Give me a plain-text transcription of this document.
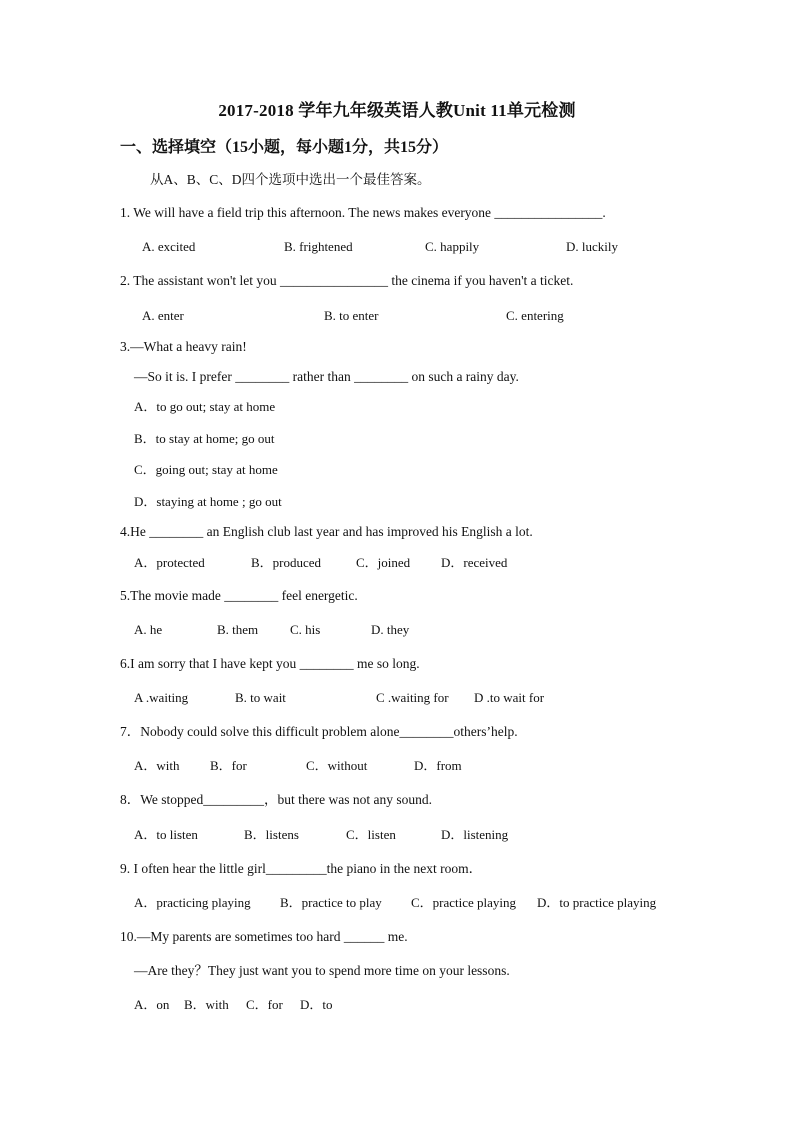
2017-2018 学年九年级英语人教Unit 11单元检测
一、选择填空（15小题，每小题1分，共15分）
从A、B、C、D四个选项中选出一个最佳答案。
1. We will have a field trip this afternoon. The news makes everyone ________________.
A. excited	B. frightened	C. happily	D. luckily
2. The assistant won't let you ________________ the cinema if you haven't a ticket.
A. enter	B. to enter	C. entering
3.—What a heavy rain!
—So it is. I prefer ________ rather than ________ on such a rainy day.
A．to go out; stay at home
B．to stay at home; go out
C．going out; stay at home
D．staying at home ; go out
4.He ________ an English club last year and has improved his English a lot.
A．protected	B．produced	C．joined D．received
5.The movie made ________ feel energetic.
A. he	B. them C. his	D. they
6.I am sorry that I have kept you ________ me so long.
A .waiting	B. to wait	C .waiting for D .to wait for
7．Nobody could solve this difficult problem alone________others’help.
A．with B．for	C．without	D．from
8．We stopped_________，but there was not any sound.
A．to listen	B．listens	C．listen	D．listening
9. I often hear the little girl_________the piano in the next room．
A．practicing playing B．practice to play C．practice playing D．to practice playing
10.—My parents are sometimes too hard ______ me.
—Are they？They just want you to spend more time on your lessons.
A．on B．with C．for D．to
